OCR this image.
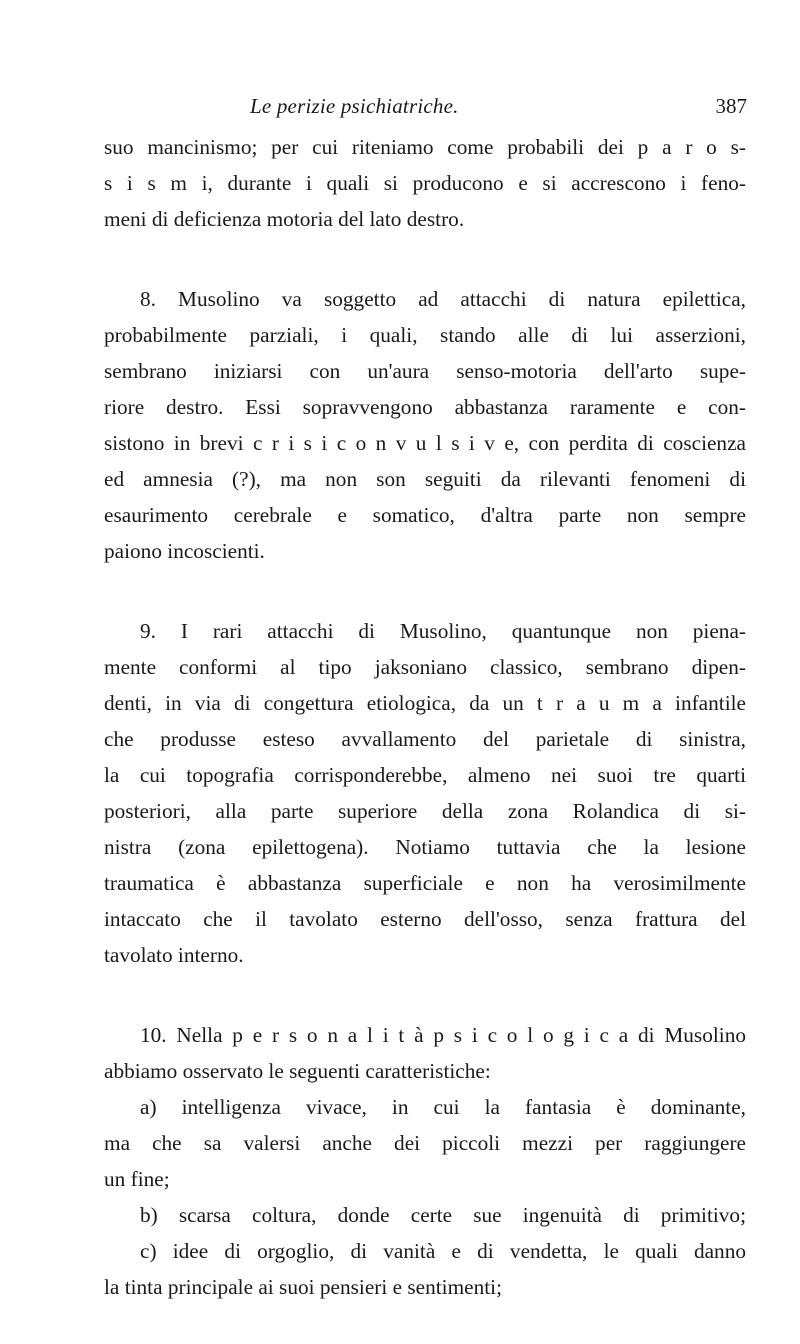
Le perizie psichiatriche.	387
suo mancinismo; per cui riteniamo come probabili dei p a r o s-
s i s m i, durante i quali si producono e si accrescono i feno-
meni di deficienza motoria del lato destro.
8. Musolino va soggetto ad attacchi di natura epilettica,
probabilmente parziali, i quali, stando alle di lui asserzioni,
sembrano iniziarsi con un'aura senso-motoria dell'arto supe-
riore destro. Essi sopravvengono abbastanza raramente e con-
sistono in brevi c r i s i c o n v u l s i v e, con perdita di coscienza
ed amnesia (?), ma non son seguiti da rilevanti fenomeni di
esaurimento cerebrale e somatico, d'altra parte non sempre
paiono incoscienti.
9. I rari attacchi di Musolino, quantunque non piena-
mente conformi al tipo jaksoniano classico, sembrano dipen-
denti, in via di congettura etiologica, da un t r a u m a infantile
che produsse esteso avvallamento del parietale di sinistra,
la cui topografia corrisponderebbe, almeno nei suoi tre quarti
posteriori, alla parte superiore della zona Rolandica di si-
nistra (zona epilettogena). Notiamo tuttavia che la lesione
traumatica è abbastanza superficiale e non ha verosimilmente
intaccato che il tavolato esterno dell'osso, senza frattura del
tavolato interno.
10. Nella p e r s o n a l i t à p s i c o l o g i c a di Musolino
abbiamo osservato le seguenti caratteristiche:
a) intelligenza vivace, in cui la fantasia è dominante,
ma che sa valersi anche dei piccoli mezzi per raggiungere
un fine;
b) scarsa coltura, donde certe sue ingenuità di primitivo;
c) idee di orgoglio, di vanità e di vendetta, le quali danno
la tinta principale ai suoi pensieri e sentimenti;
